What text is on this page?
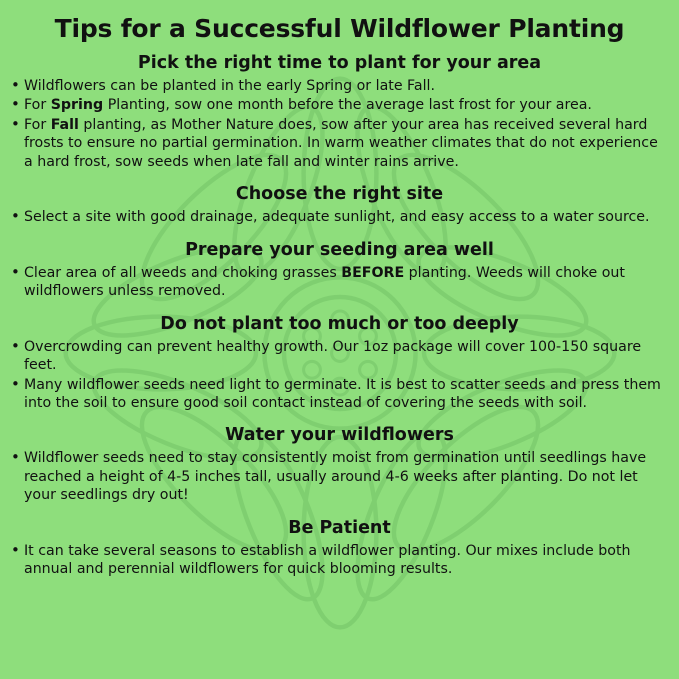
Tips for a Successful Wildflower Planting
Pick the right time to plant for your area
• Wildflowers can be planted in the early Spring or late Fall.
• For Spring Planting, sow one month before the average last frost for your area.
• For Fall planting, as Mother Nature does, sow after your area has received several hard frosts to ensure no partial germination. In warm weather climates that do not experience a hard frost, sow seeds when late fall and winter rains arrive.
Choose the right site
• Select a site with good drainage, adequate sunlight, and easy access to a water source.
Prepare your seeding area well
• Clear area of all weeds and choking grasses BEFORE planting. Weeds will choke out wildflowers unless removed.
Do not plant too much or too deeply
• Overcrowding can prevent healthy growth. Our 1oz package will cover 100-150 square feet.
• Many wildflower seeds need light to germinate. It is best to scatter seeds and press them into the soil to ensure good soil contact instead of covering the seeds with soil.
Water your wildflowers
• Wildflower seeds need to stay consistently moist from germination until seedlings have reached a height of 4-5 inches tall, usually around 4-6 weeks after planting. Do not let your seedlings dry out!
Be Patient
• It can take several seasons to establish a wildflower planting. Our mixes include both annual and perennial wildflowers for quick blooming results.
